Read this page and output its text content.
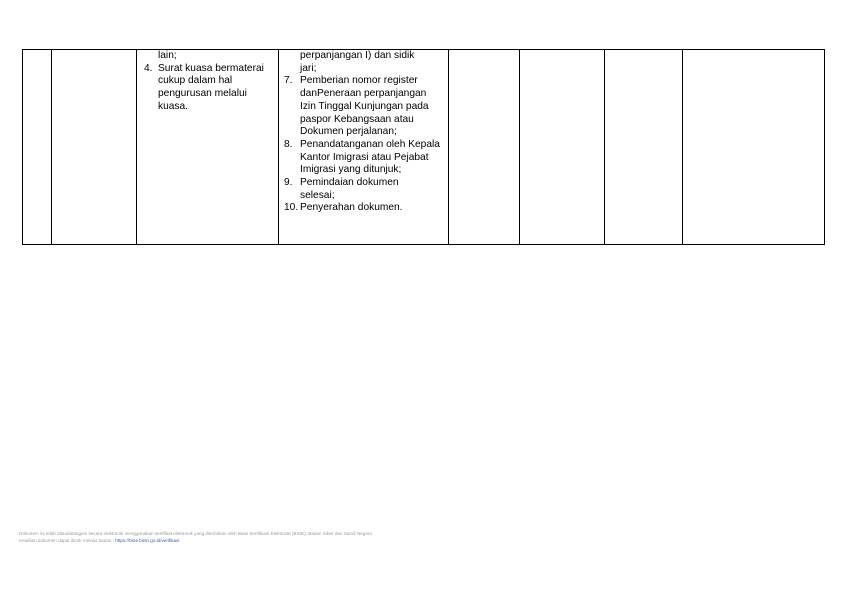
lain;
4. Surat kuasa bermaterai cukup dalam hal pengurusan melalui kuasa.

perpanjangan I) dan sidik jari;
7. Pemberian nomor register danPeneraan perpanjangan Izin Tinggal Kunjungan pada paspor Kebangsaan atau Dokumen perjalanan;
8. Penandatanganan oleh Kepala Kantor Imigrasi atau Pejabat Imigrasi yang ditunjuk;
9. Pemindaian dokumen selesai;
10. Penyerahan dokumen.

Dokumen ini telah ditandatangani secara elektronik menggunakan sertifikat elektronik yang diterbitkan oleh Balai Sertifikasi Elektronik (BSrE), Badan Siber dan Sandi Negara
Keaslian dokumen dapat dicek melalui tautan : https://bsre.bssn.go.id/verifikasi
